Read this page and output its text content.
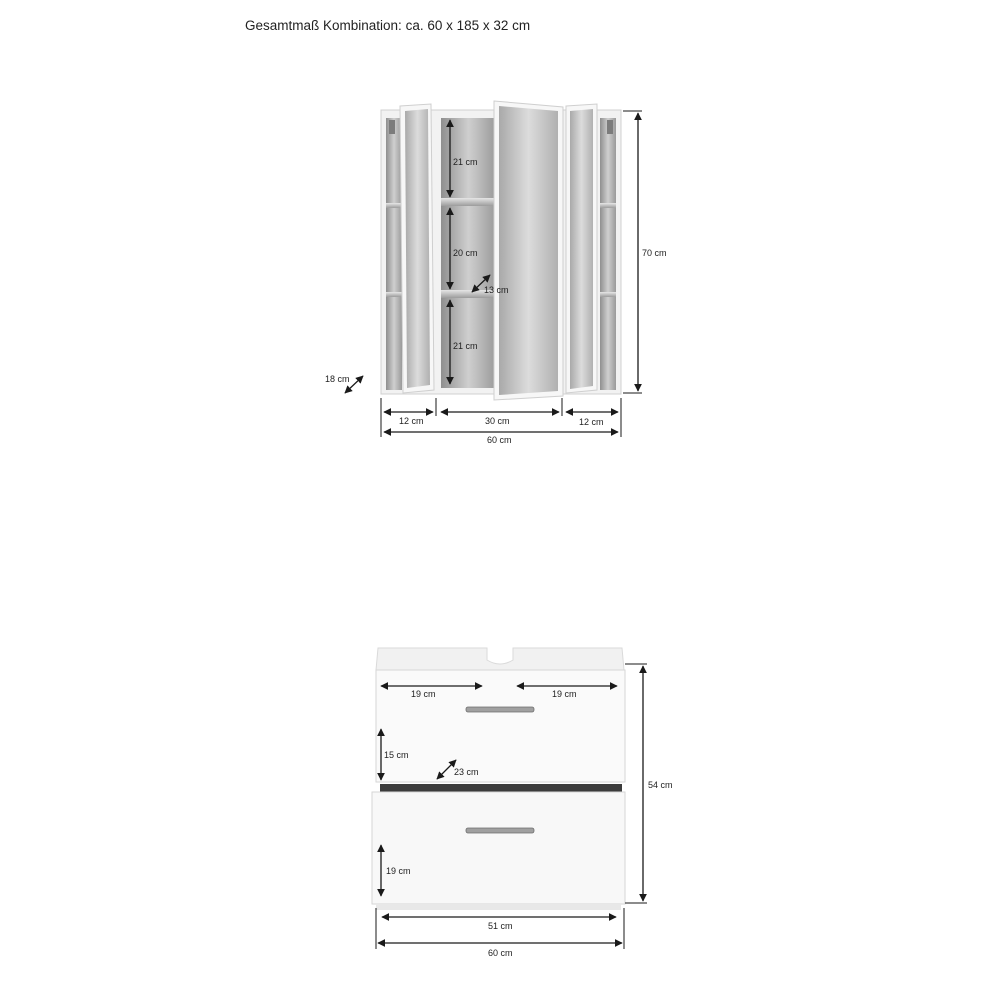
Gesamtmaß Kombination: ca. 60 x 185 x 32 cm
21 cm
20 cm
13 cm
21 cm
70 cm
18 cm
12 cm	30 cm	12 cm
60 cm
19 cm	19 cm
15 cm
23 cm
19 cm
54 cm
51 cm
60 cm
